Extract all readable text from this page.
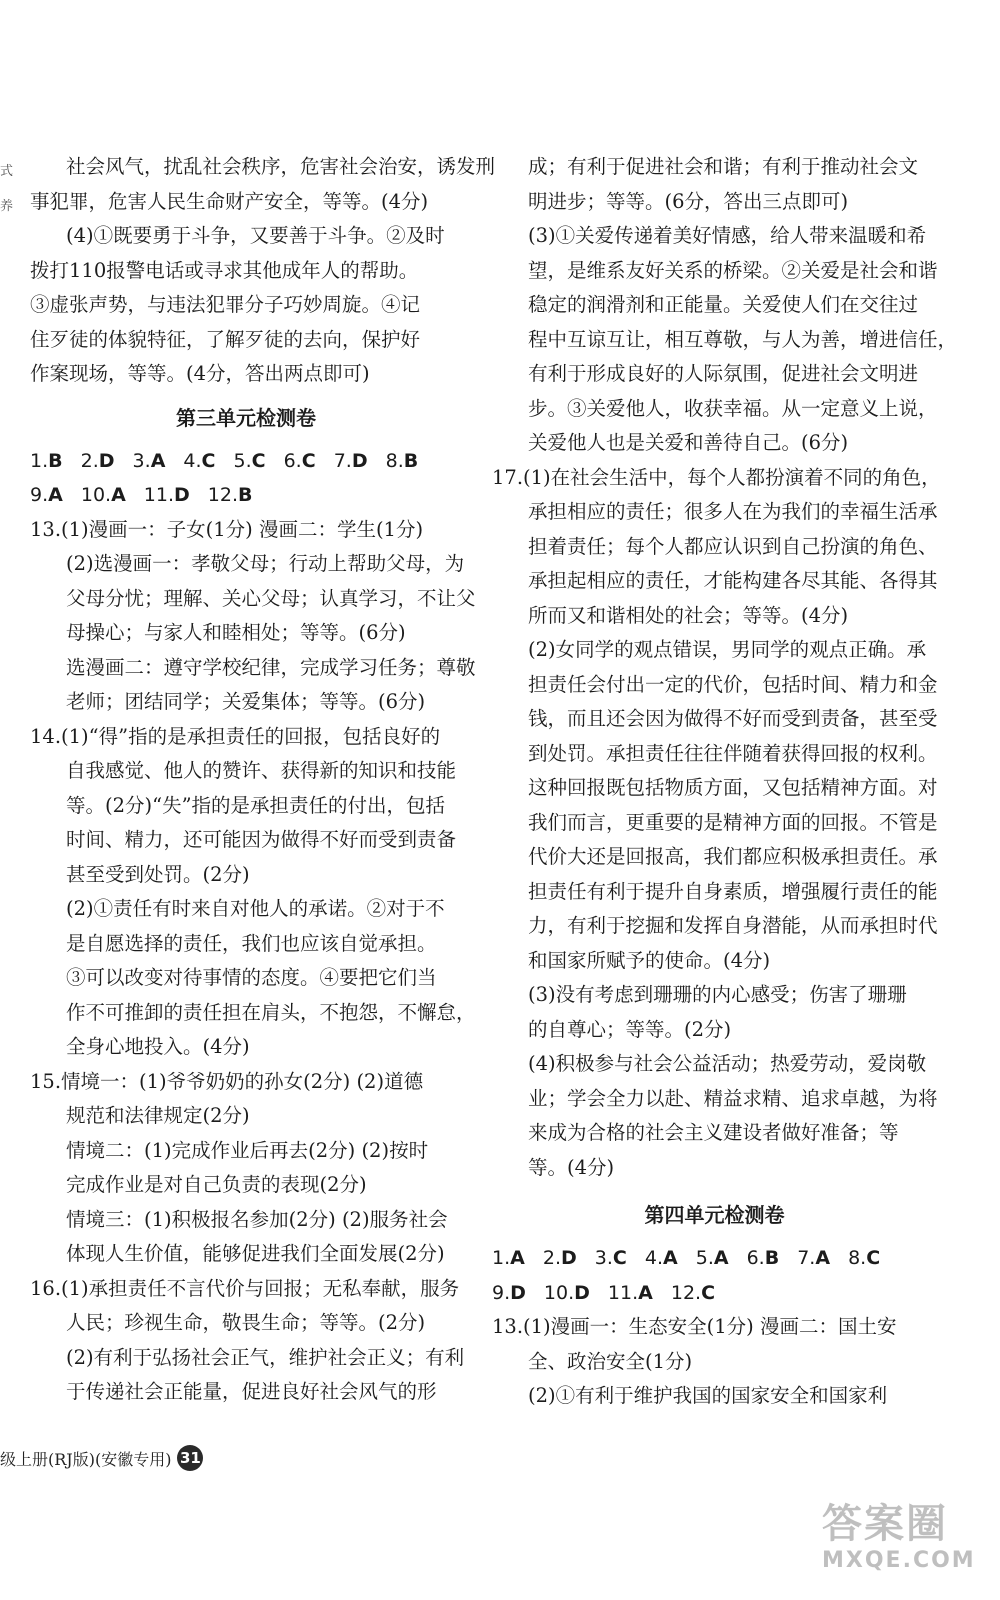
式
养
社会风气，扰乱社会秩序，危害社会治安，诱发刑
事犯罪，危害人民生命财产安全，等等。(4分)
(4)①既要勇于斗争，又要善于斗争。②及时
拨打110报警电话或寻求其他成年人的帮助。
③虚张声势，与违法犯罪分子巧妙周旋。④记
住歹徒的体貌特征，了解歹徒的去向，保护好
作案现场，等等。(4分，答出两点即可)
第三单元检测卷
1.B 2.D 3.A 4.C 5.C 6.C 7.D 8.B
9.A 10.A 11.D 12.B
13.(1)漫画一：子女(1分) 漫画二：学生(1分)
(2)选漫画一：孝敬父母；行动上帮助父母，为
父母分忧；理解、关心父母；认真学习，不让父
母操心；与家人和睦相处；等等。(6分)
选漫画二：遵守学校纪律，完成学习任务；尊敬
老师；团结同学；关爱集体；等等。(6分)
14.(1)“得”指的是承担责任的回报，包括良好的
自我感觉、他人的赞许、获得新的知识和技能
等。(2分)“失”指的是承担责任的付出，包括
时间、精力，还可能因为做得不好而受到责备
甚至受到处罚。(2分)
(2)①责任有时来自对他人的承诺。②对于不
是自愿选择的责任，我们也应该自觉承担。
③可以改变对待事情的态度。④要把它们当
作不可推卸的责任担在肩头，不抱怨，不懈怠，
全身心地投入。(4分)
15.情境一：(1)爷爷奶奶的孙女(2分) (2)道德
规范和法律规定(2分)
情境二：(1)完成作业后再去(2分) (2)按时
完成作业是对自己负责的表现(2分)
情境三：(1)积极报名参加(2分) (2)服务社会
体现人生价值，能够促进我们全面发展(2分)
16.(1)承担责任不言代价与回报；无私奉献，服务
人民；珍视生命，敬畏生命；等等。(2分)
(2)有利于弘扬社会正气，维护社会正义；有利
于传递社会正能量，促进良好社会风气的形
成；有利于促进社会和谐；有利于推动社会文
明进步；等等。(6分，答出三点即可)
(3)①关爱传递着美好情感，给人带来温暖和希
望，是维系友好关系的桥梁。②关爱是社会和谐
稳定的润滑剂和正能量。关爱使人们在交往过
程中互谅互让，相互尊敬，与人为善，增进信任，
有利于形成良好的人际氛围，促进社会文明进
步。③关爱他人，收获幸福。从一定意义上说，
关爱他人也是关爱和善待自己。(6分)
17.(1)在社会生活中，每个人都扮演着不同的角色，
承担相应的责任；很多人在为我们的幸福生活承
担着责任；每个人都应认识到自己扮演的角色、
承担起相应的责任，才能构建各尽其能、各得其
所而又和谐相处的社会；等等。(4分)
(2)女同学的观点错误，男同学的观点正确。承
担责任会付出一定的代价，包括时间、精力和金
钱，而且还会因为做得不好而受到责备，甚至受
到处罚。承担责任往往伴随着获得回报的权利。
这种回报既包括物质方面，又包括精神方面。对
我们而言，更重要的是精神方面的回报。不管是
代价大还是回报高，我们都应积极承担责任。承
担责任有利于提升自身素质，增强履行责任的能
力，有利于挖掘和发挥自身潜能，从而承担时代
和国家所赋予的使命。(4分)
(3)没有考虑到珊珊的内心感受；伤害了珊珊
的自尊心；等等。(2分)
(4)积极参与社会公益活动；热爱劳动，爱岗敬
业；学会全力以赴、精益求精、追求卓越，为将
来成为合格的社会主义建设者做好准备；等
等。(4分)
第四单元检测卷
1.A 2.D 3.C 4.A 5.A 6.B 7.A 8.C
9.D 10.D 11.A 12.C
13.(1)漫画一：生态安全(1分) 漫画二：国土安
全、政治安全(1分)
(2)①有利于维护我国的国家安全和国家利
级上册(RJ版)(安徽专用) 31
答案圈
MXQE.COM
